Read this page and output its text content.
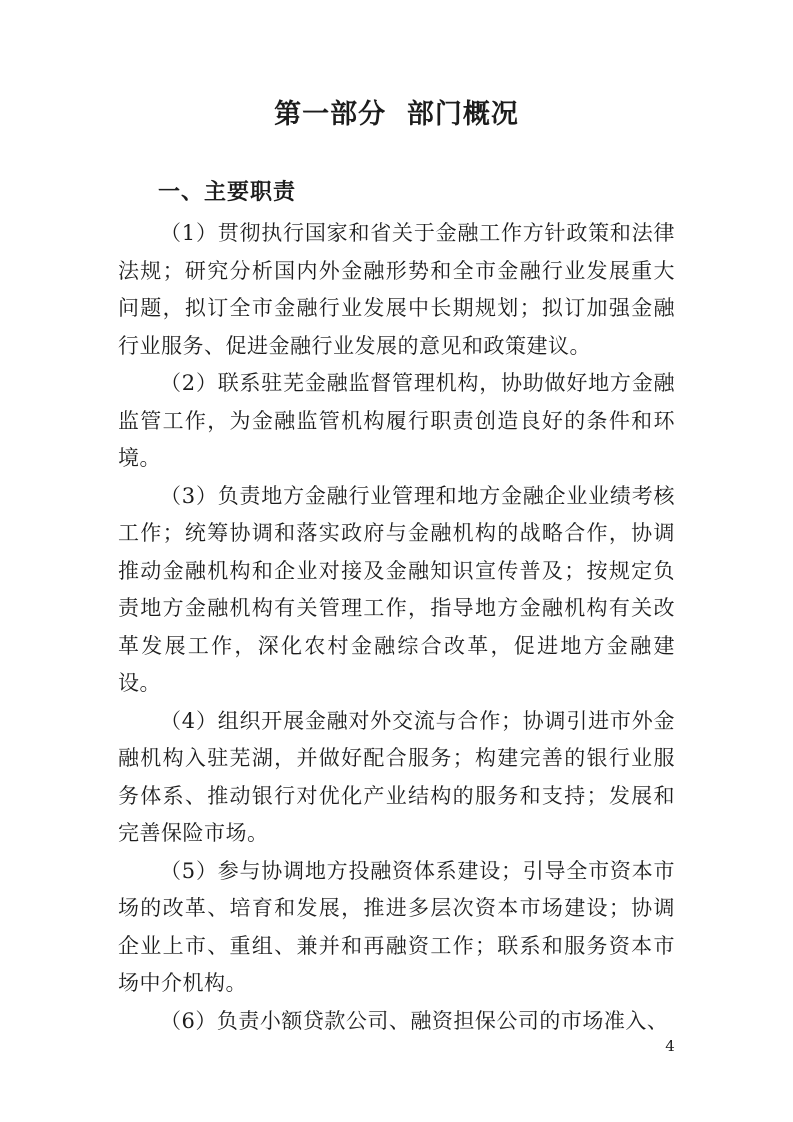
第一部分  部门概况
一、主要职责

（1）贯彻执行国家和省关于金融工作方针政策和法律法规；研究分析国内外金融形势和全市金融行业发展重大问题，拟订全市金融行业发展中长期规划；拟订加强金融行业服务、促进金融行业发展的意见和政策建议。

（2）联系驻芜金融监督管理机构，协助做好地方金融监管工作，为金融监管机构履行职责创造良好的条件和环境。

（3）负责地方金融行业管理和地方金融企业业绩考核工作；统筹协调和落实政府与金融机构的战略合作，协调推动金融机构和企业对接及金融知识宣传普及；按规定负责地方金融机构有关管理工作，指导地方金融机构有关改革发展工作，深化农村金融综合改革，促进地方金融建设。

（4）组织开展金融对外交流与合作；协调引进市外金融机构入驻芜湖，并做好配合服务；构建完善的银行业服务体系、推动银行对优化产业结构的服务和支持；发展和完善保险市场。

（5）参与协调地方投融资体系建设；引导全市资本市场的改革、培育和发展，推进多层次资本市场建设；协调企业上市、重组、兼并和再融资工作；联系和服务资本市场中介机构。

（6）负责小额贷款公司、融资担保公司的市场准入、

4
